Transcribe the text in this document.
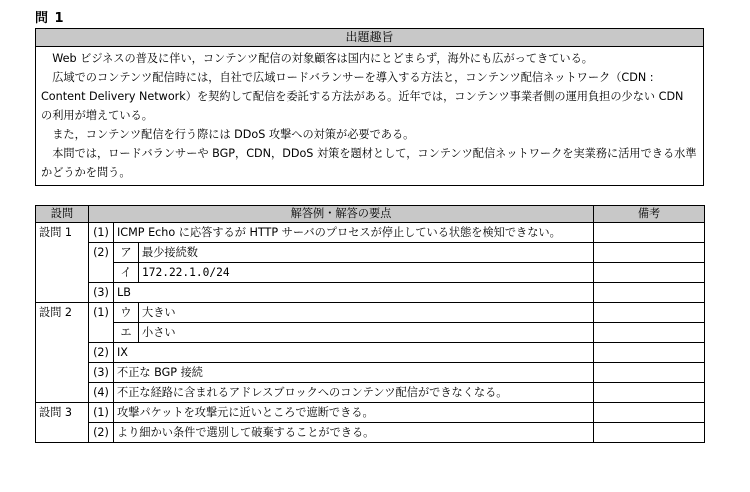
問 1
出題趣旨

　Web ビジネスの普及に伴い，コンテンツ配信の対象顧客は国内にとどまらず，海外にも広がってきている。

　広域でのコンテンツ配信時には，自社で広域ロードバランサーを導入する方法と，コンテンツ配信ネットワーク（CDN : Content Delivery Network）を契約して配信を委託する方法がある。近年では，コンテンツ事業者側の運用負担の少ない CDN の利用が増えている。

　また，コンテンツ配信を行う際には DDoS 攻撃への対策が必要である。

　本問では，ロードバランサーや BGP，CDN，DDoS 対策を題材として，コンテンツ配信ネットワークを実業務に活用できる水準かどうかを問う。

設問	解答例・解答の要点			備考
設問 1	(1)	ICMP Echo に応答するが HTTP サーバのプロセスが停止している状態を検知できない。		
	(2)	ア	最少接続数	
		イ	172.22.1.0/24	
	(3)	LB		
設問 2	(1)	ウ	大きい	
		エ	小さい	
	(2)	IX		
	(3)	不正な BGP 接続		
	(4)	不正な経路に含まれるアドレスブロックへのコンテンツ配信ができなくなる。		
設問 3	(1)	攻撃パケットを攻撃元に近いところで遮断できる。		
	(2)	より細かい条件で選別して破棄することができる。		
